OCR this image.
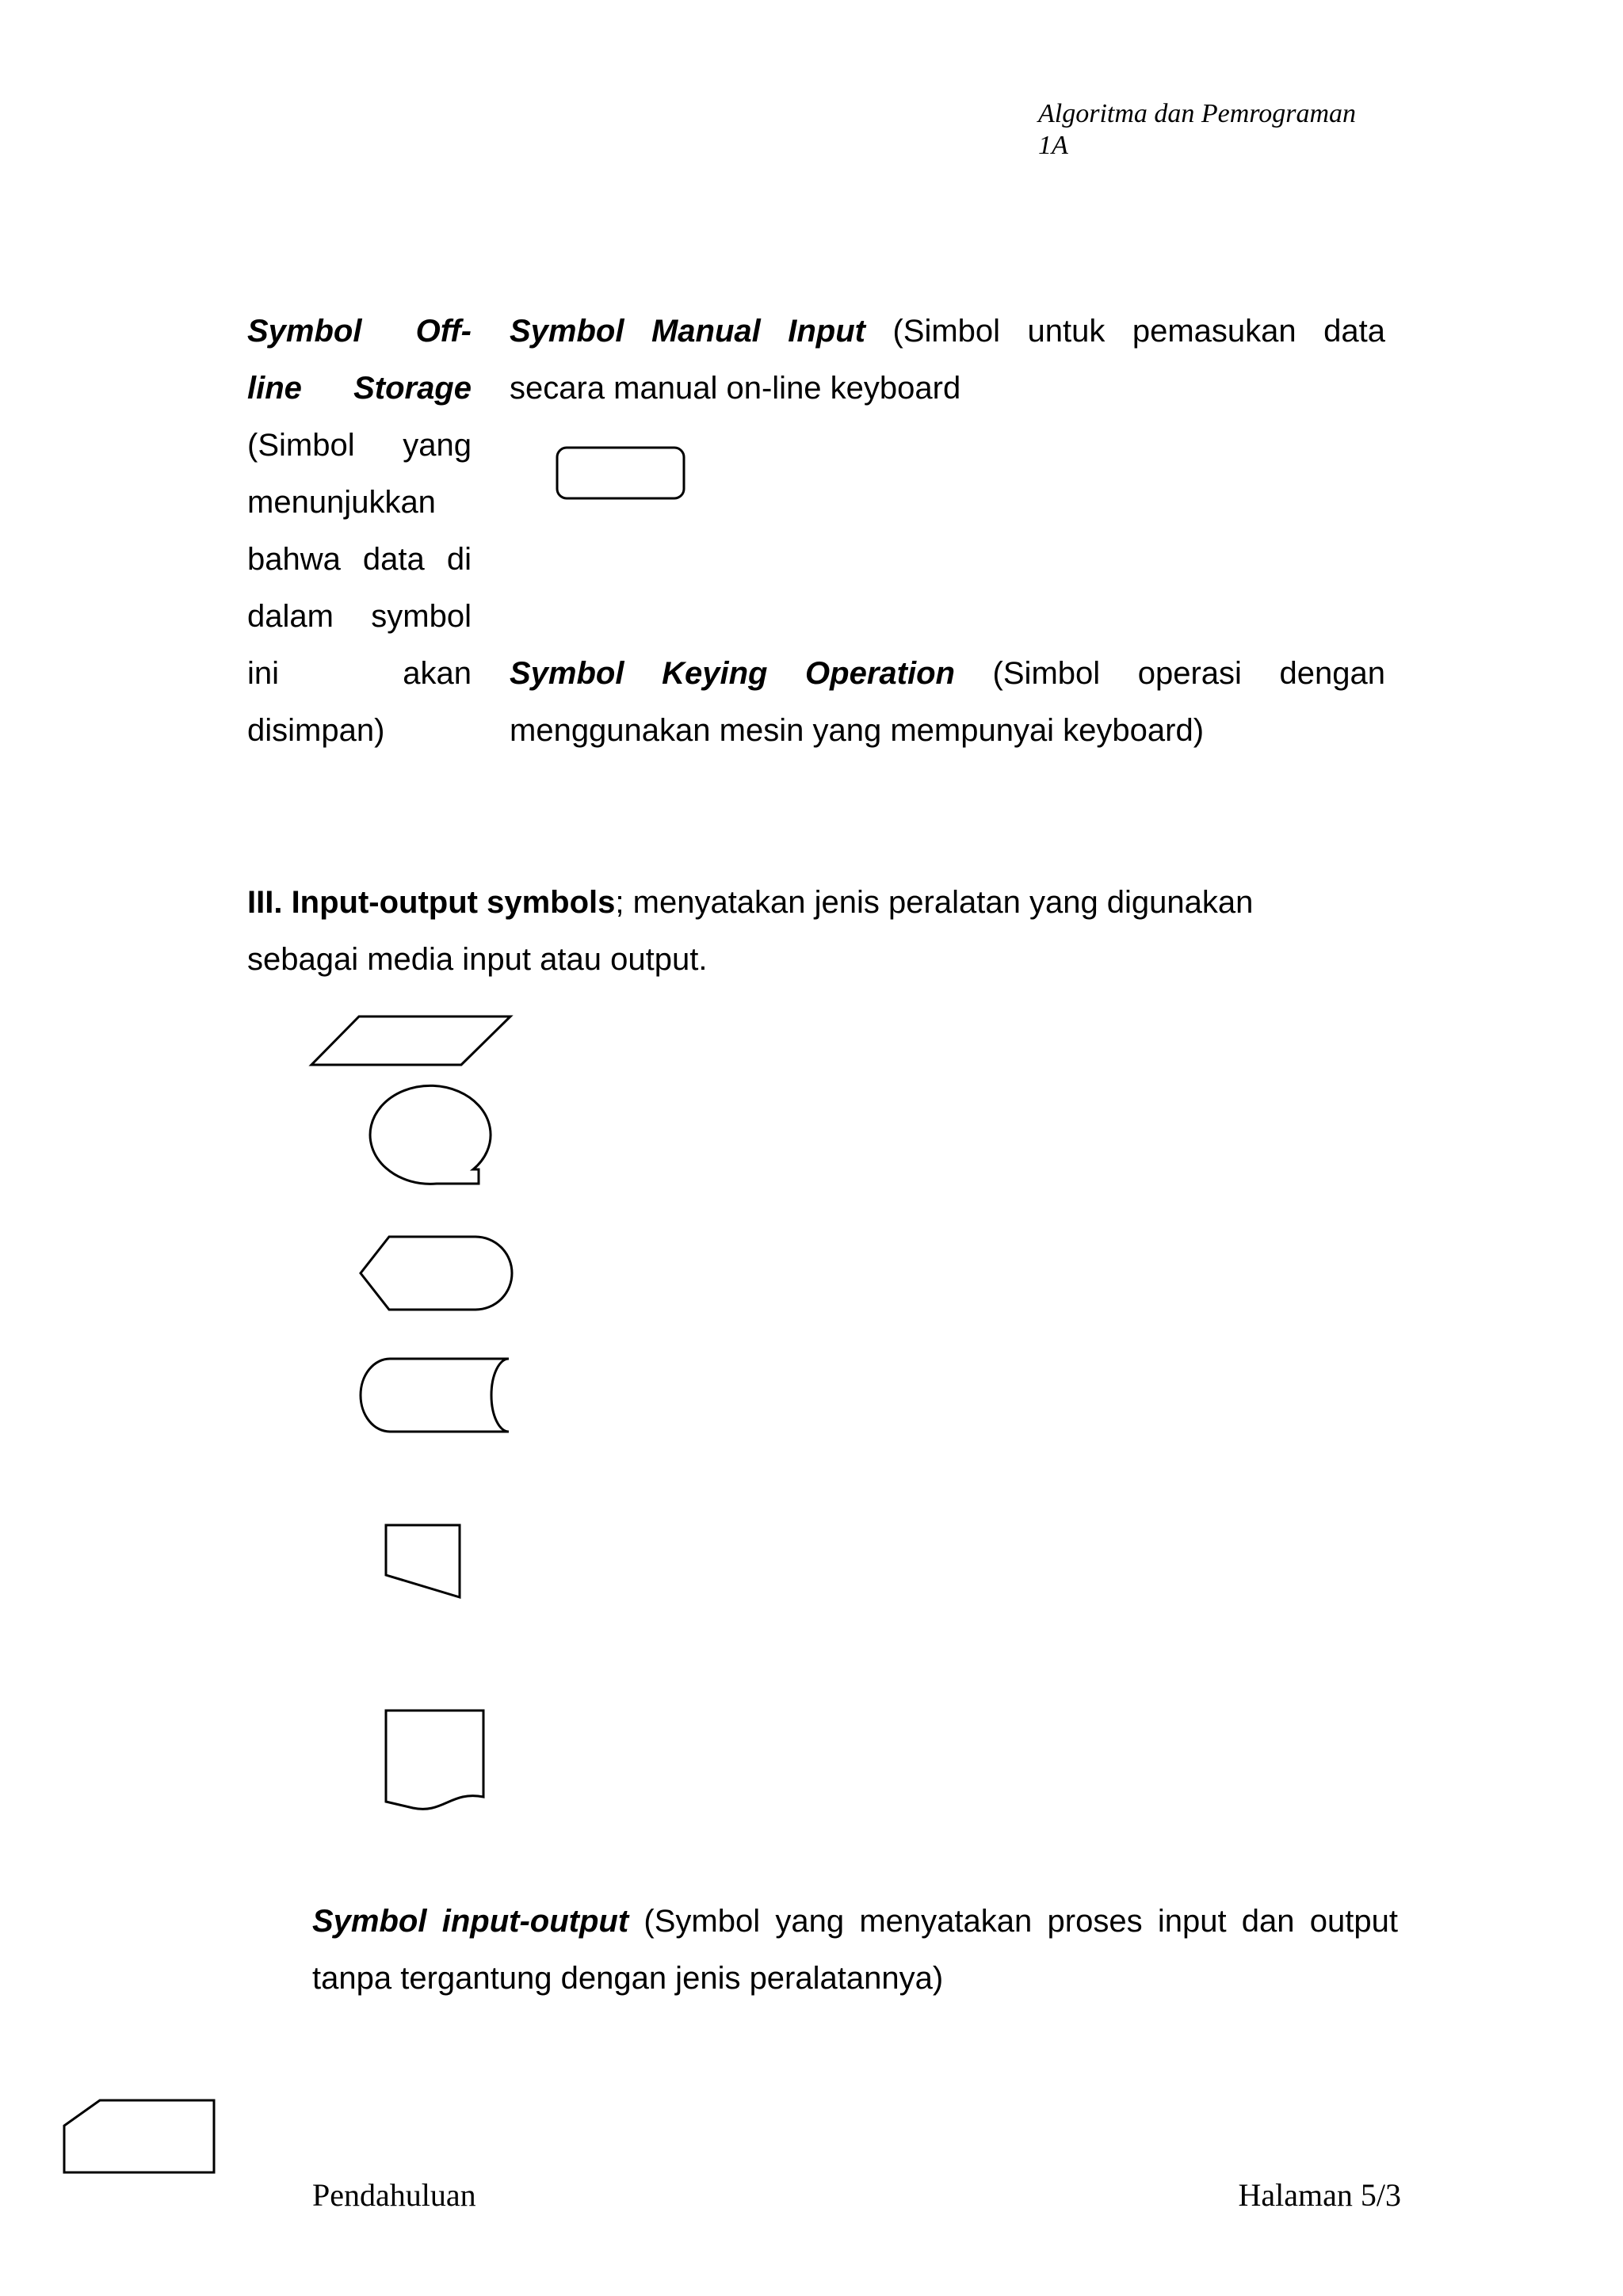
Algoritma dan Pemrograman
1A
Symbol Off-
line Storage
(Simbol yang
menunjukkan
bahwa data di
dalam symbol
ini	akan
disimpan)
Symbol Manual Input (Simbol untuk pemasukan data
secara manual on-line keyboard
Symbol Keying Operation (Simbol operasi dengan
menggunakan mesin yang mempunyai keyboard)
III. Input-output symbols; menyatakan jenis peralatan yang digunakan
sebagai media input atau output.
Symbol input-output (Symbol yang menyatakan proses input dan output
tanpa tergantung dengan jenis peralatannya)
Pendahuluan	Halaman 5/3
